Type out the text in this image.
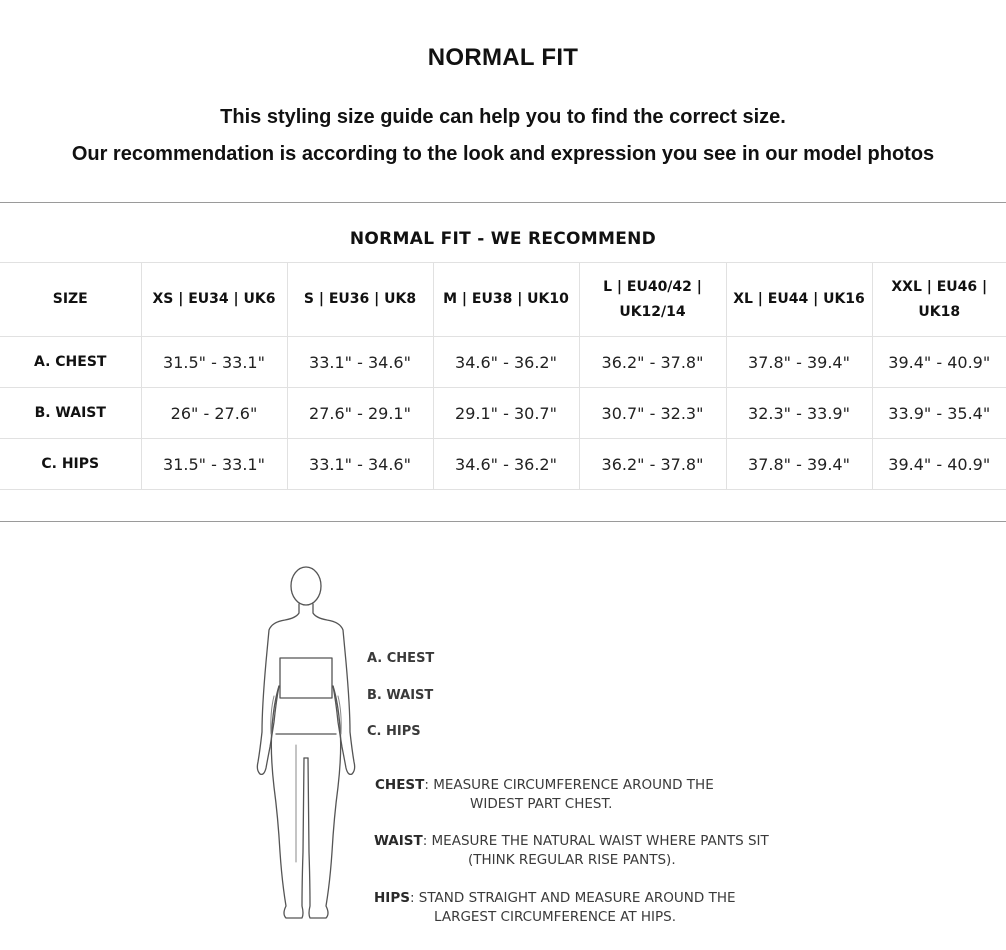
NORMAL FIT
This styling size guide can help you to find the correct size.
Our recommendation is according to the look and expression you see in our model photos
NORMAL FIT - WE RECOMMEND
SIZE	XS | EU34 | UK6	S | EU36 | UK8	M | EU38 | UK10	L | EU40/42 | UK12/14	XL | EU44 | UK16	XXL | EU46 | UK18
A. CHEST	31.5" - 33.1"	33.1" - 34.6"	34.6" - 36.2"	36.2" - 37.8"	37.8" - 39.4"	39.4" - 40.9"
B. WAIST	26" - 27.6"	27.6" - 29.1"	29.1" - 30.7"	30.7" - 32.3"	32.3" - 33.9"	33.9" - 35.4"
C. HIPS	31.5" - 33.1"	33.1" - 34.6"	34.6" - 36.2"	36.2" - 37.8"	37.8" - 39.4"	39.4" - 40.9"
A. CHEST
B. WAIST
C. HIPS
CHEST: MEASURE CIRCUMFERENCE AROUND THE
WIDEST PART CHEST.
WAIST: MEASURE THE NATURAL WAIST WHERE PANTS SIT
(THINK REGULAR RISE PANTS).
HIPS: STAND STRAIGHT AND MEASURE AROUND THE
LARGEST CIRCUMFERENCE AT HIPS.
